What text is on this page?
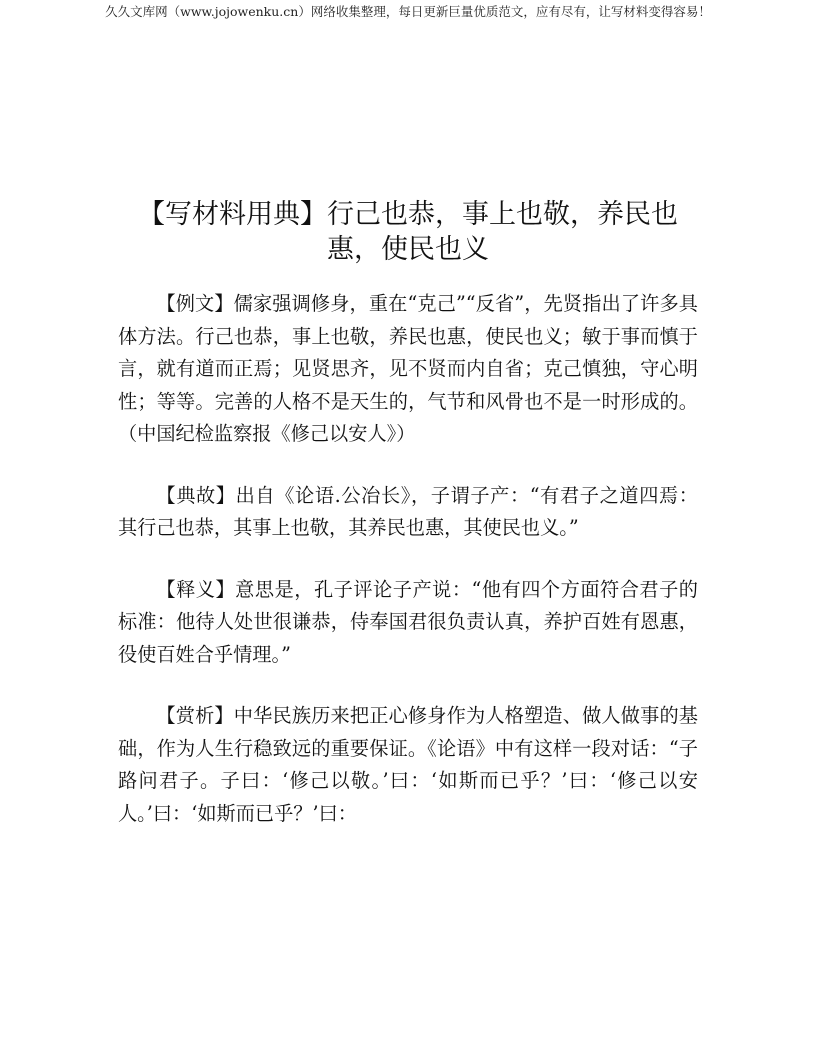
久久文库网（www.jojowenku.cn）网络收集整理，每日更新巨量优质范文，应有尽有，让写材料变得容易！
【写材料用典】行己也恭，事上也敬，养民也惠，使民也义

【例文】儒家强调修身，重在“克己”“反省”，先贤指出了许多具体方法。行己也恭，事上也敬，养民也惠，使民也义；敏于事而慎于言，就有道而正焉；见贤思齐，见不贤而内自省；克己慎独，守心明性；等等。完善的人格不是天生的，气节和风骨也不是一时形成的。（中国纪检监察报《修己以安人》）

【典故】出自《论语.公冶长》，子谓子产：“有君子之道四焉：其行己也恭，其事上也敬，其养民也惠，其使民也义。”

【释义】意思是，孔子评论子产说：“他有四个方面符合君子的标准：他待人处世很谦恭，侍奉国君很负责认真，养护百姓有恩惠，役使百姓合乎情理。”

【赏析】中华民族历来把正心修身作为人格塑造、做人做事的基础，作为人生行稳致远的重要保证。《论语》中有这样一段对话：“子路问君子。子曰：‘修己以敬。’曰：‘如斯而已乎？’曰：‘修己以安人。’曰：‘如斯而已乎？’曰：
